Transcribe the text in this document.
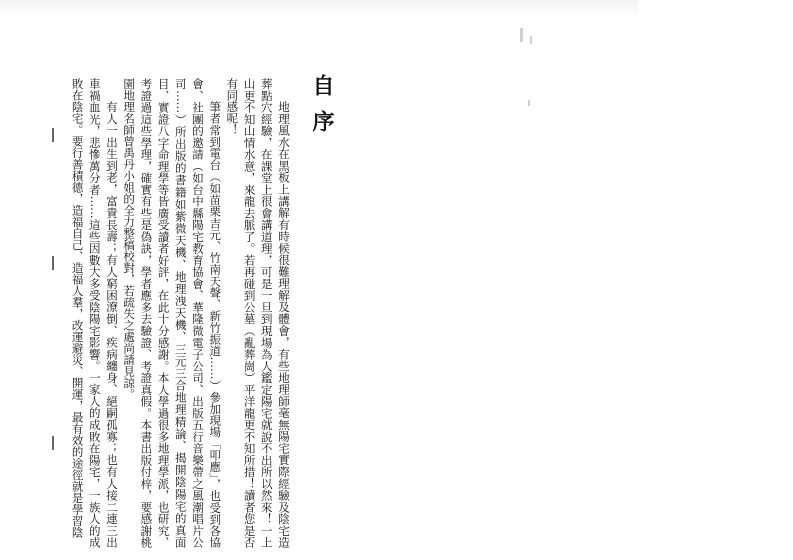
自序

地理風水在黑板上講解有時候很難理解及體會，有些地理師毫無陽宅實際經驗及陰宅造葬點穴經驗，在課堂上很會講道理，可是一旦到現場為人鑑定陽宅就說不出所以然來！一上山更不知山情水意，來龍去脈了。若再碰到公墓（亂葬崗）平洋龍更不知所措！讀者您是否有同感呢！

筆者常到電台（如苗栗吉元、竹南天聲、新竹振道……）參加現場「叩應」，也受到各協會、社團的邀請（如台中縣陽宅教育協會、華隆微電子公司、出版五行音樂帶之風潮唱片公司……）所出版的書籍如紫微天機、地理洩天機、三元三合地理精論、揭開陰陽宅的真面目、實證八字命理學等皆廣受讀者好評，在此十分感謝。本人學過很多地理學派，也研究、考證過這些學理，確實有些是偽訣，學者應多去驗證、考證真假。本書出版付梓，要感謝桃園地理名師曾禹丹小姐的全力整稿校對，若疏失之處尚請見諒。

有人一出生到老，富貴長壽；有人窮困潦倒、疾病纏身、絕嗣孤寡；也有人接二連三出車禍血光，悲慘萬分者……這些因數大多受陰陽宅影響。一家人的成敗在陽宅，一族人的成敗在陰宅。要行善積德，造福自己、造福人羣，改運避災、開運，最有效的途徑就是學習陰
